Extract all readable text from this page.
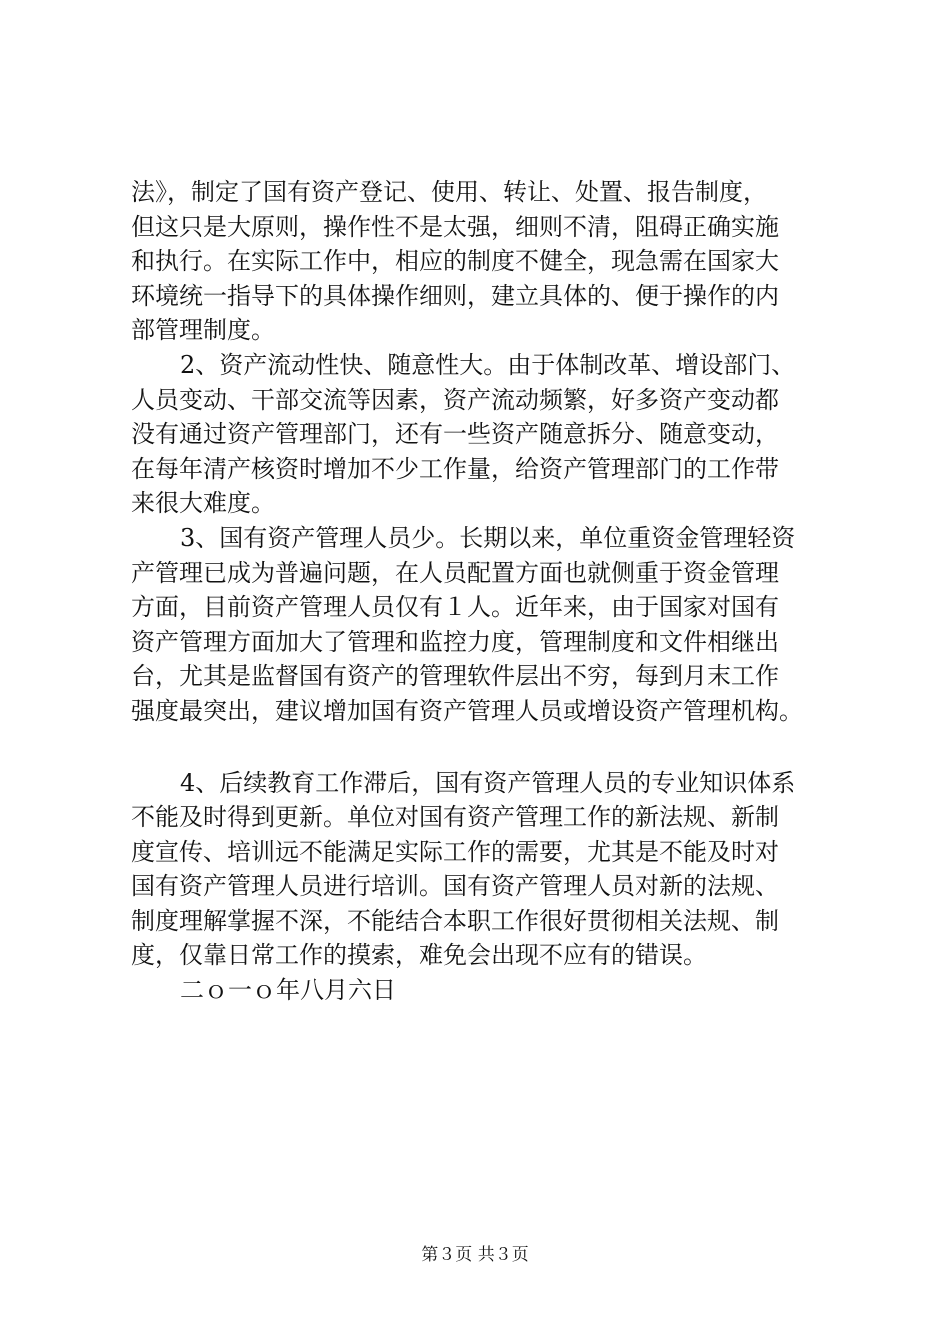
法》，制定了国有资产登记、使用、转让、处置、报告制度，
但这只是大原则，操作性不是太强，细则不清，阻碍正确实施
和执行。在实际工作中，相应的制度不健全，现急需在国家大
环境统一指导下的具体操作细则，建立具体的、便于操作的内
部管理制度。
2、资产流动性快、随意性大。由于体制改革、增设部门、
人员变动、干部交流等因素，资产流动频繁，好多资产变动都
没有通过资产管理部门，还有一些资产随意拆分、随意变动，
在每年清产核资时增加不少工作量，给资产管理部门的工作带
来很大难度。
3、国有资产管理人员少。长期以来，单位重资金管理轻资
产管理已成为普遍问题，在人员配置方面也就侧重于资金管理
方面，目前资产管理人员仅有１人。近年来，由于国家对国有
资产管理方面加大了管理和监控力度，管理制度和文件相继出
台，尤其是监督国有资产的管理软件层出不穷，每到月末工作
强度最突出，建议增加国有资产管理人员或增设资产管理机构。
4、后续教育工作滞后，国有资产管理人员的专业知识体系
不能及时得到更新。单位对国有资产管理工作的新法规、新制
度宣传、培训远不能满足实际工作的需要，尤其是不能及时对
国有资产管理人员进行培训。国有资产管理人员对新的法规、
制度理解掌握不深，不能结合本职工作很好贯彻相关法规、制
度，仅靠日常工作的摸索，难免会出现不应有的错误。
二ｏ一ｏ年八月六日
第３页 共３页
